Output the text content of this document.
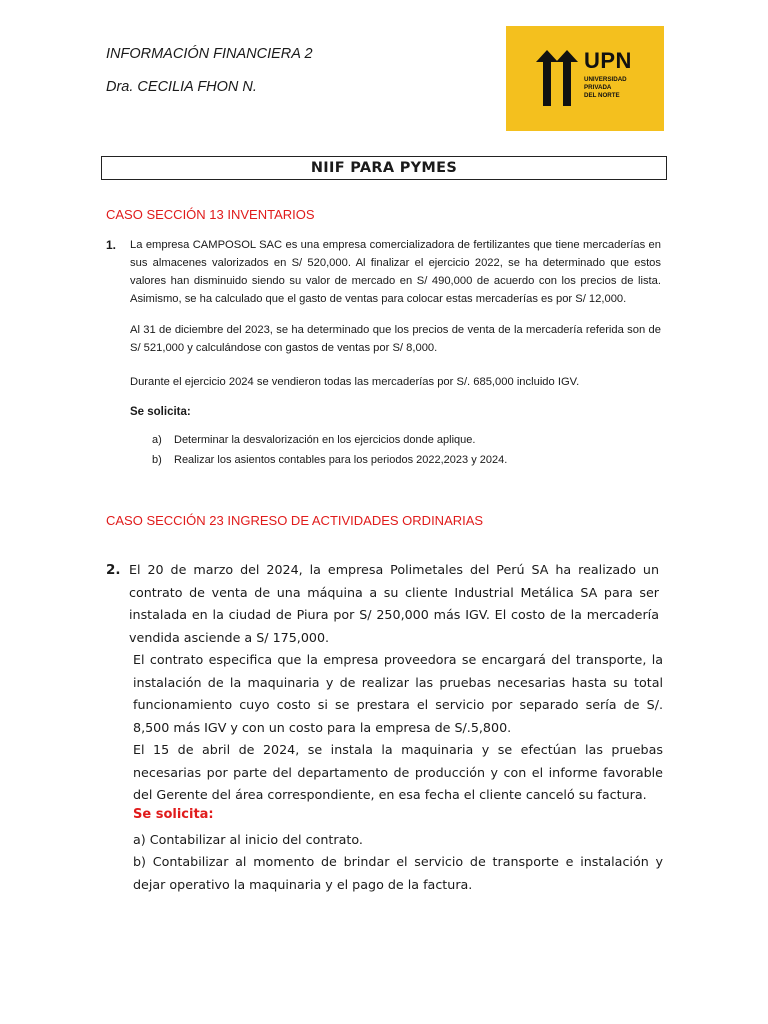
INFORMACIÓN FINANCIERA 2
Dra. CECILIA FHON N.
UPN
UNIVERSIDAD
PRIVADA
DEL NORTE
NIIF PARA PYMES
CASO SECCIÓN 13 INVENTARIOS
1. La empresa CAMPOSOL SAC es una empresa comercializadora de fertilizantes que tiene mercaderías en sus almacenes valorizados en S/ 520,000. Al finalizar el ejercicio 2022, se ha determinado que estos valores han disminuido siendo su valor de mercado en S/ 490,000 de acuerdo con los precios de lista. Asimismo, se ha calculado que el gasto de ventas para colocar estas mercaderías es por S/ 12,000.
Al 31 de diciembre del 2023, se ha determinado que los precios de venta de la mercadería referida son de S/ 521,000 y calculándose con gastos de ventas por S/ 8,000.
Durante el ejercicio 2024 se vendieron todas las mercaderías por S/. 685,000 incluido IGV.
Se solicita:
a) Determinar la desvalorización en los ejercicios donde aplique.
b) Realizar los asientos contables para los periodos 2022,2023 y 2024.
CASO SECCIÓN 23 INGRESO DE ACTIVIDADES ORDINARIAS
2. El 20 de marzo del 2024, la empresa Polimetales del Perú SA ha realizado un contrato de venta de una máquina a su cliente Industrial Metálica SA para ser instalada en la ciudad de Piura por S/ 250,000 más IGV. El costo de la mercadería vendida asciende a S/ 175,000.
El contrato especifica que la empresa proveedora se encargará del transporte, la instalación de la maquinaria y de realizar las pruebas necesarias hasta su total funcionamiento cuyo costo si se prestara el servicio por separado sería de S/. 8,500 más IGV y con un costo para la empresa de S/.5,800.
El 15 de abril de 2024, se instala la maquinaria y se efectúan las pruebas necesarias por parte del departamento de producción y con el informe favorable del Gerente del área correspondiente, en esa fecha el cliente canceló su factura.
Se solicita:
a) Contabilizar al inicio del contrato.
b) Contabilizar al momento de brindar el servicio de transporte e instalación y dejar operativo la maquinaria y el pago de la factura.
